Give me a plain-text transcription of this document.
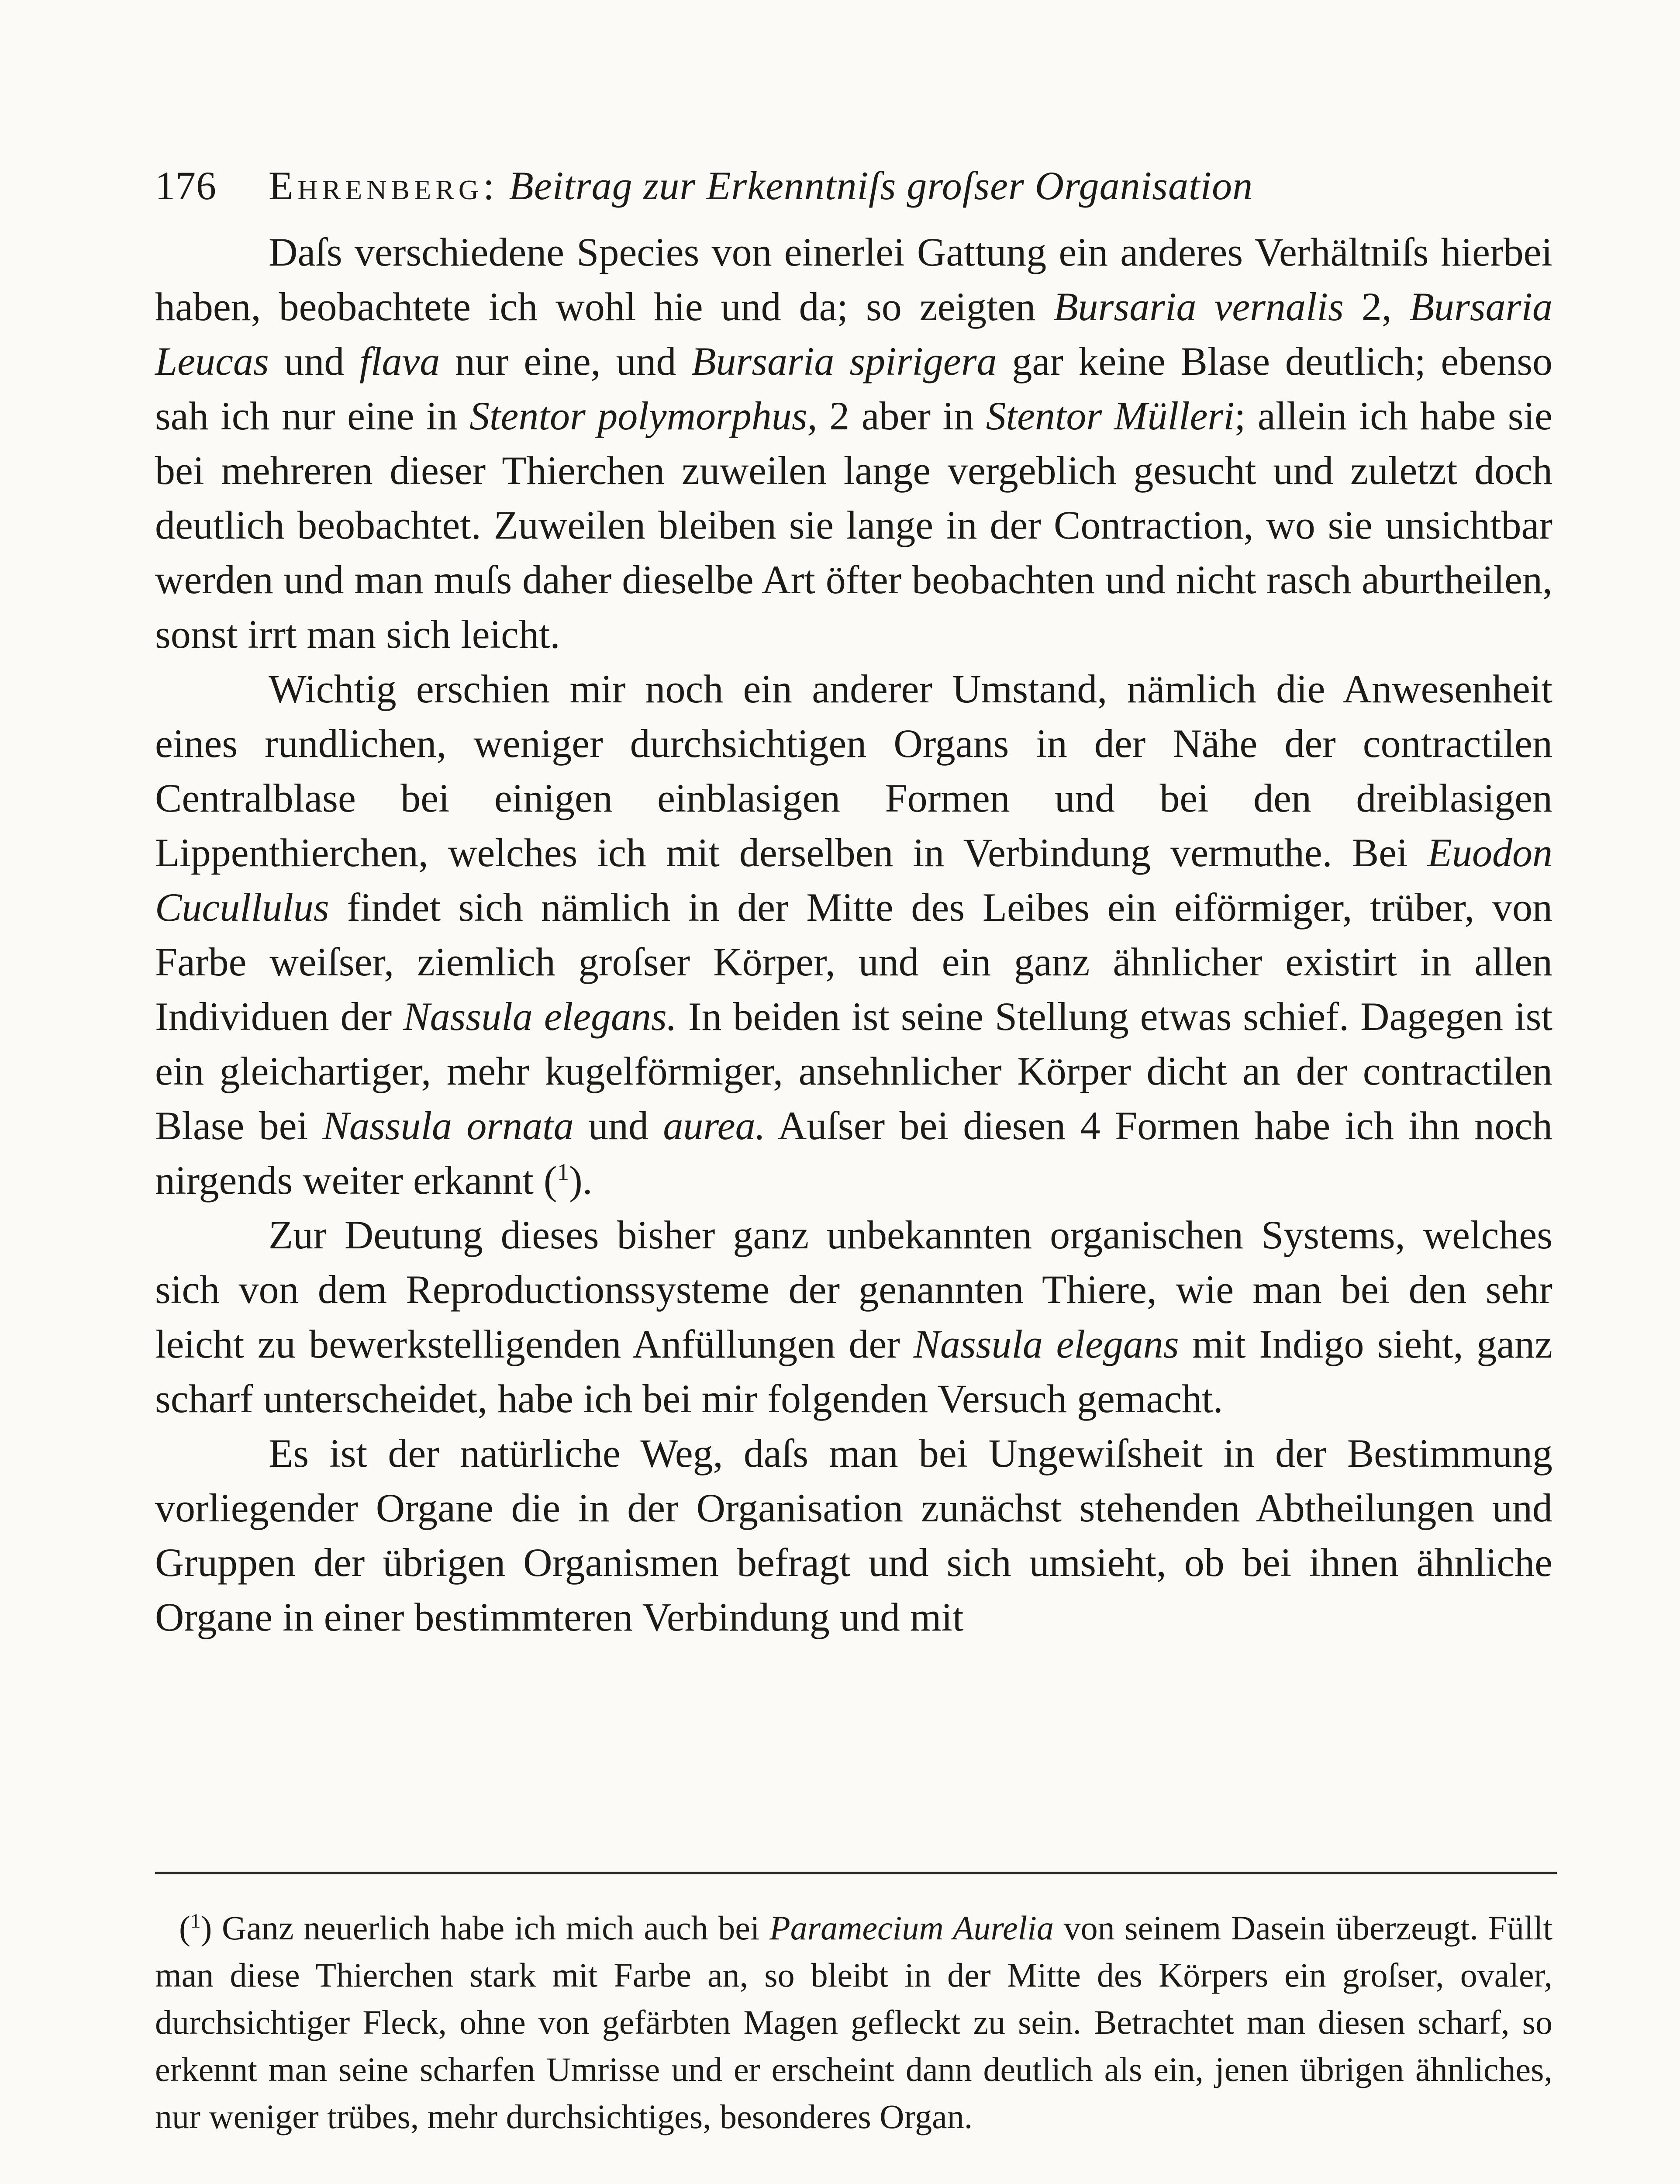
176 Ehrenberg: Beitrag zur Erkenntniſs groſser Organisation

Daſs verschiedene Species von einerlei Gattung ein anderes Verhältniſs hierbei haben, beobachtete ich wohl hie und da; so zeigten Bursaria vernalis 2, Bursaria Leucas und flava nur eine, und Bursaria spirigera gar keine Blase deutlich; ebenso sah ich nur eine in Stentor polymorphus, 2 aber in Stentor Mülleri; allein ich habe sie bei mehreren dieser Thierchen zuweilen lange vergeblich gesucht und zuletzt doch deutlich beobachtet. Zuweilen bleiben sie lange in der Contraction, wo sie unsichtbar werden und man muſs daher dieselbe Art öfter beobachten und nicht rasch aburtheilen, sonst irrt man sich leicht.

Wichtig erschien mir noch ein anderer Umstand, nämlich die Anwesenheit eines rundlichen, weniger durchsichtigen Organs in der Nähe der contractilen Centralblase bei einigen einblasigen Formen und bei den dreiblasigen Lippenthierchen, welches ich mit derselben in Verbindung vermuthe. Bei Euodon Cucullulus findet sich nämlich in der Mitte des Leibes ein eiförmiger, trüber, von Farbe weiſser, ziemlich groſser Körper, und ein ganz ähnlicher existirt in allen Individuen der Nassula elegans. In beiden ist seine Stellung etwas schief. Dagegen ist ein gleichartiger, mehr kugelförmiger, ansehnlicher Körper dicht an der contractilen Blase bei Nassula ornata und aurea. Auſser bei diesen 4 Formen habe ich ihn noch nirgends weiter erkannt ($^1$).

Zur Deutung dieses bisher ganz unbekannten organischen Systems, welches sich von dem Reproductionssysteme der genannten Thiere, wie man bei den sehr leicht zu bewerkstelligenden Anfüllungen der Nassula elegans mit Indigo sieht, ganz scharf unterscheidet, habe ich bei mir folgenden Versuch gemacht.

Es ist der natürliche Weg, daſs man bei Ungewiſsheit in der Bestimmung vorliegender Organe die in der Organisation zunächst stehenden Abtheilungen und Gruppen der übrigen Organismen befragt und sich umsieht, ob bei ihnen ähnliche Organe in einer bestimmteren Verbindung und mit

($^1$) Ganz neuerlich habe ich mich auch bei Paramecium Aurelia von seinem Dasein überzeugt. Füllt man diese Thierchen stark mit Farbe an, so bleibt in der Mitte des Körpers ein groſser, ovaler, durchsichtiger Fleck, ohne von gefärbten Magen gefleckt zu sein. Betrachtet man diesen scharf, so erkennt man seine scharfen Umrisse und er erscheint dann deutlich als ein, jenen übrigen ähnliches, nur weniger trübes, mehr durchsichtiges, besonderes Organ.
